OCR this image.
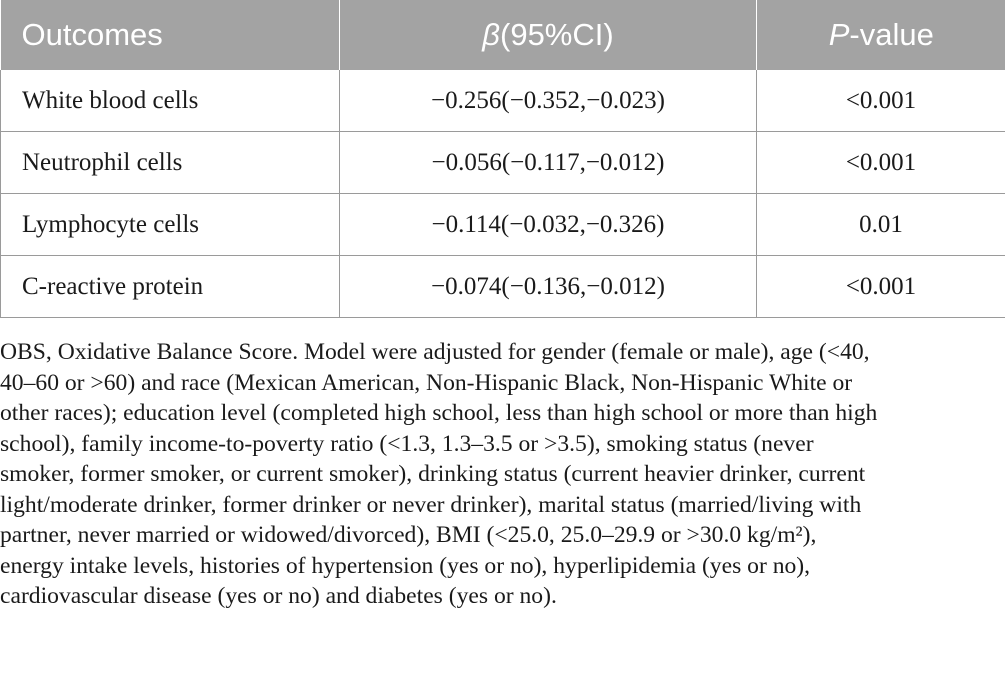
Outcomes	β(95%CI)	P-value
White blood cells	−0.256(−0.352,−0.023)	<0.001
Neutrophil cells	−0.056(−0.117,−0.012)	<0.001
Lymphocyte cells	−0.114(−0.032,−0.326)	0.01
C-reactive protein	−0.074(−0.136,−0.012)	<0.001

OBS, Oxidative Balance Score. Model were adjusted for gender (female or male), age (<40,
40–60 or >60) and race (Mexican American, Non-Hispanic Black, Non-Hispanic White or
other races); education level (completed high school, less than high school or more than high
school), family income-to-poverty ratio (<1.3, 1.3–3.5 or >3.5), smoking status (never
smoker, former smoker, or current smoker), drinking status (current heavier drinker, current
light/moderate drinker, former drinker or never drinker), marital status (married/living with
partner, never married or widowed/divorced), BMI (<25.0, 25.0–29.9 or >30.0 kg/m²),
energy intake levels, histories of hypertension (yes or no), hyperlipidemia (yes or no),
cardiovascular disease (yes or no) and diabetes (yes or no).
